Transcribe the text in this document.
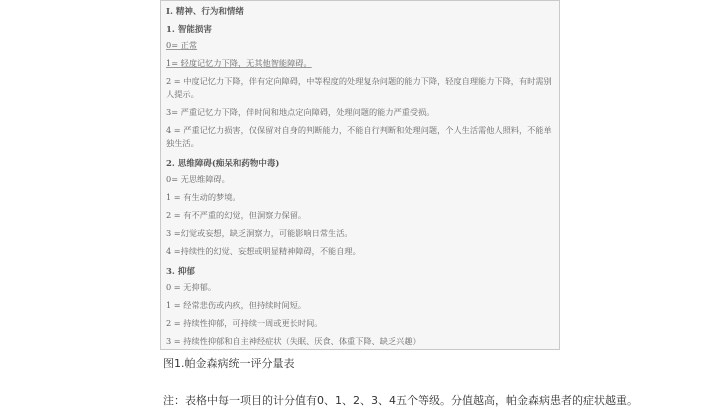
I. 精神、行为和情绪
1. 智能损害
0= 正常
1= 轻度记忆力下降，无其他智能障碍。
2 = 中度记忆力下降，伴有定向障碍，中等程度的处理复杂问题的能力下降，轻度自理能力下降，有时需别人提示。
3= 严重记忆力下降，伴时间和地点定向障碍，处理问题的能力严重受损。
4 = 严重记忆力损害，仅保留对自身的判断能力，不能自行判断和处理问题，个人生活需他人照料，不能单独生活。
2. 思维障碍(痴呆和药物中毒)
0= 无思维障碍。
1 = 有生动的梦境。
2 = 有不严重的幻觉，但洞察力保留。
3 =幻觉或妄想，缺乏洞察力，可能影响日常生活。
4 =持续性的幻觉、妄想或明显精神障碍，不能自理。
3. 抑郁
0 = 无抑郁。
1 = 经常悲伤或内疚，但持续时间短。
2 = 持续性抑郁，可持续一周或更长时间。
3 = 持续性抑郁和自主神经症状（失眠、厌食、体重下降、缺乏兴趣）
图1.帕金森病统一评分量表
注：表格中每一项目的计分值有0、1、2、3、4五个等级。分值越高，帕金森病患者的症状越重。
